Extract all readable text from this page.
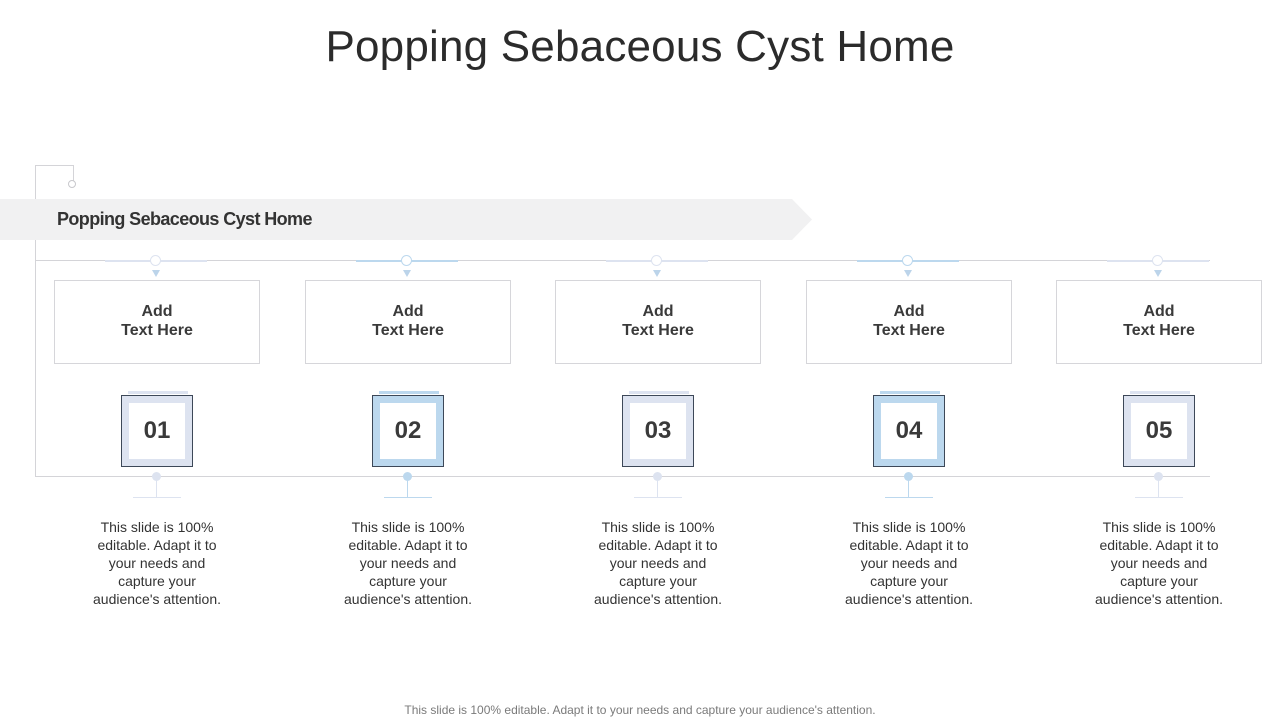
Popping Sebaceous Cyst Home
Popping Sebaceous Cyst Home
Add
Text Here
01
This slide is 100%
editable. Adapt it to
your needs and
capture your
audience's attention.
Add
Text Here
02
This slide is 100%
editable. Adapt it to
your needs and
capture your
audience's attention.
Add
Text Here
03
This slide is 100%
editable. Adapt it to
your needs and
capture your
audience's attention.
Add
Text Here
04
This slide is 100%
editable. Adapt it to
your needs and
capture your
audience's attention.
Add
Text Here
05
This slide is 100%
editable. Adapt it to
your needs and
capture your
audience's attention.
This slide is 100% editable. Adapt it to your needs and capture your audience's attention.
